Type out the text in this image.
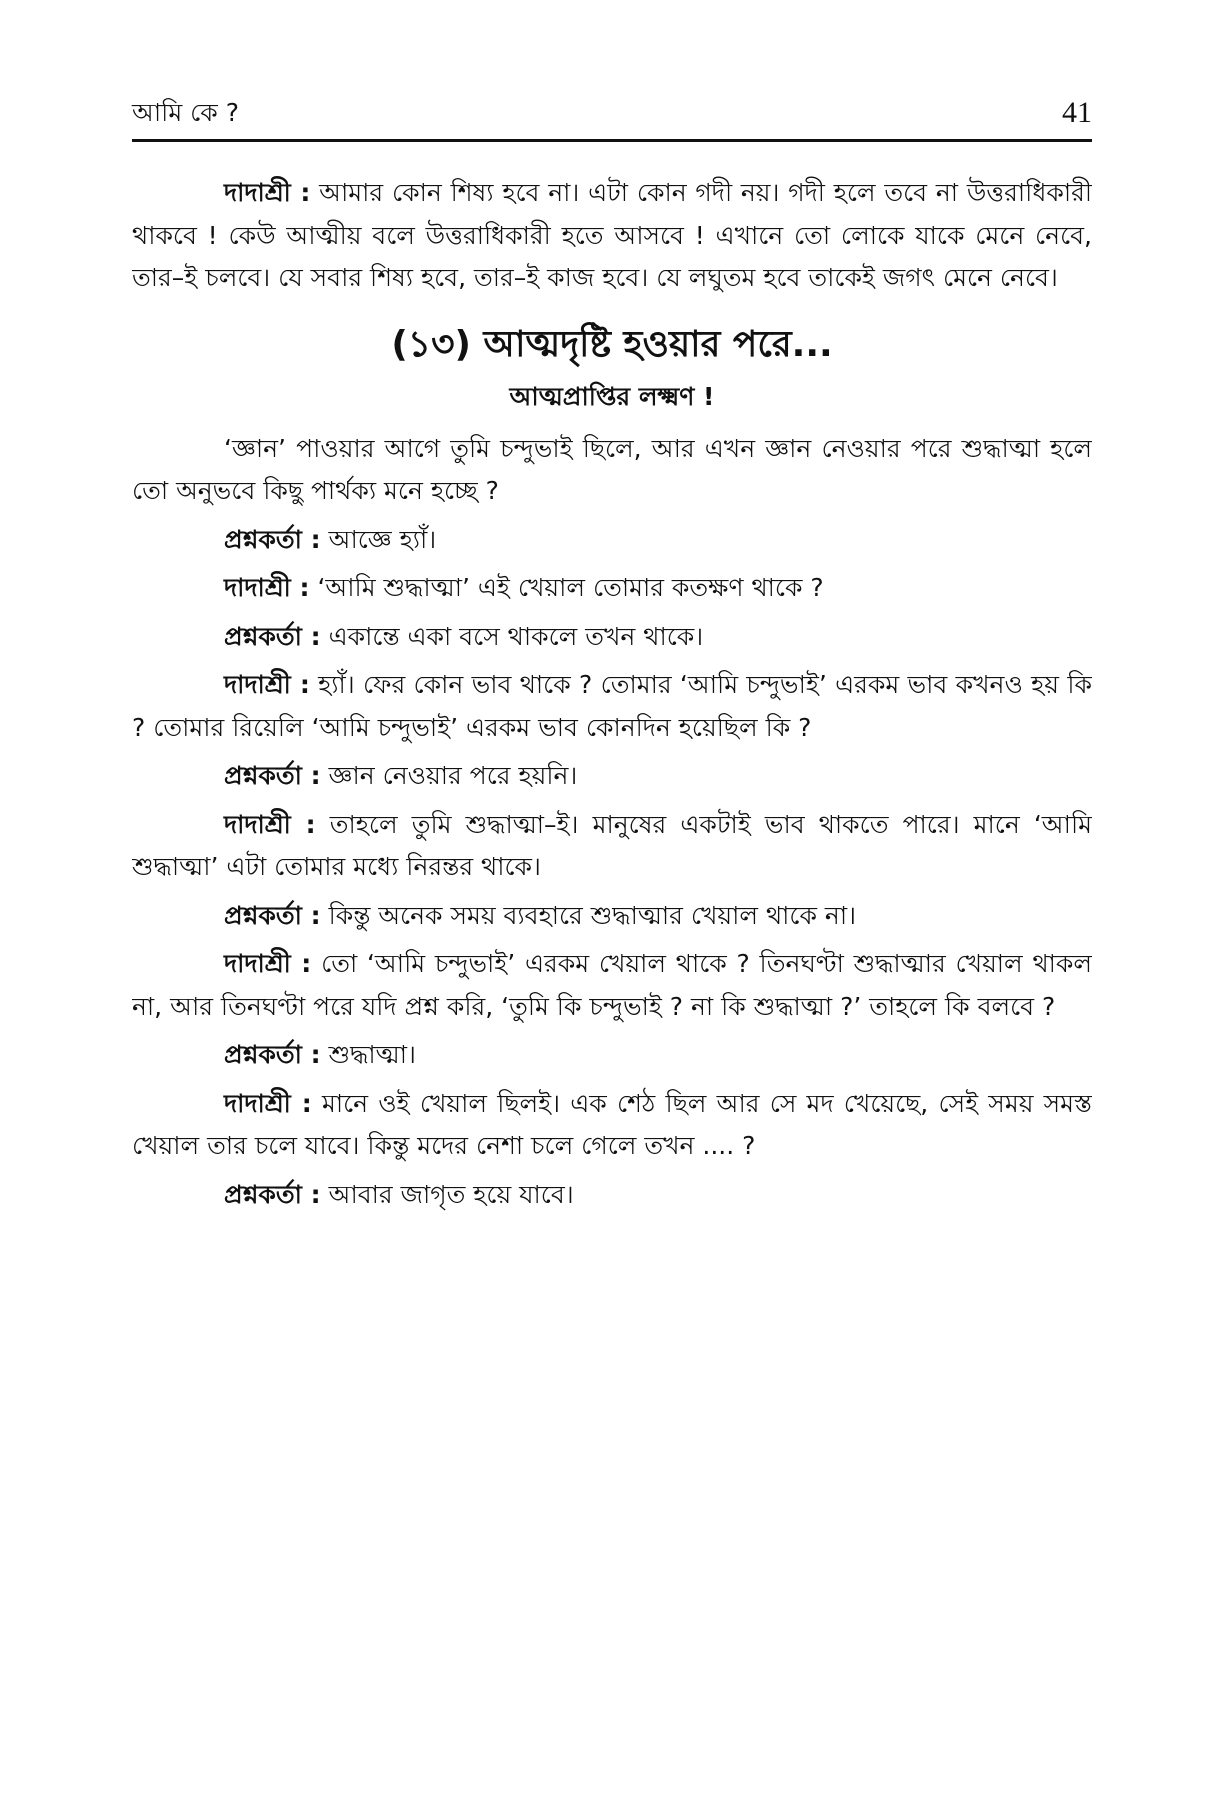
আমি কে ?	41

দাদাশ্রী : আমার কোন শিষ্য হবে না। এটা কোন গদী নয়। গদী হলে তবে না উত্তরাধিকারী থাকবে ! কেউ আত্মীয় বলে উত্তরাধিকারী হতে আসবে ! এখানে তো লোকে যাকে মেনে নেবে, তার–ই চলবে। যে সবার শিষ্য হবে, তার–ই কাজ হবে। যে লঘুতম হবে তাকেই জগৎ মেনে নেবে।

(১৩) আত্মদৃষ্টি হওয়ার পরে...
আত্মপ্রাপ্তির লক্ষ্মণ !

‘জ্ঞান’ পাওয়ার আগে তুমি চন্দুভাই ছিলে, আর এখন জ্ঞান নেওয়ার পরে শুদ্ধাত্মা হলে তো অনুভবে কিছু পার্থক্য মনে হচ্ছে ?

প্রশ্নকর্তা : আজ্ঞে হ্যাঁ।

দাদাশ্রী : ‘আমি শুদ্ধাত্মা’ এই খেয়াল তোমার কতক্ষণ থাকে ?

প্রশ্নকর্তা : একান্তে একা বসে থাকলে তখন থাকে।

দাদাশ্রী : হ্যাঁ। ফের কোন ভাব থাকে ? তোমার ‘আমি চন্দুভাই’ এরকম ভাব কখনও হয় কি ? তোমার রিয়েলি ‘আমি চন্দুভাই’ এরকম ভাব কোনদিন হয়েছিল কি ?

প্রশ্নকর্তা : জ্ঞান নেওয়ার পরে হয়নি।

দাদাশ্রী : তাহলে তুমি শুদ্ধাত্মা–ই। মানুষের একটাই ভাব থাকতে পারে। মানে ‘আমি শুদ্ধাত্মা’ এটা তোমার মধ্যে নিরন্তর থাকে।

প্রশ্নকর্তা : কিন্তু অনেক সময় ব্যবহারে শুদ্ধাত্মার খেয়াল থাকে না।

দাদাশ্রী : তো ‘আমি চন্দুভাই’ এরকম খেয়াল থাকে ? তিনঘণ্টা শুদ্ধাত্মার খেয়াল থাকল না, আর তিনঘণ্টা পরে যদি প্রশ্ন করি, ‘তুমি কি চন্দুভাই ? না কি শুদ্ধাত্মা ?’ তাহলে কি বলবে ?

প্রশ্নকর্তা : শুদ্ধাত্মা।

দাদাশ্রী : মানে ওই খেয়াল ছিলই। এক শেঠ ছিল আর সে মদ খেয়েছে, সেই সময় সমস্ত খেয়াল তার চলে যাবে। কিন্তু মদের নেশা চলে গেলে তখন .... ?

প্রশ্নকর্তা : আবার জাগৃত হয়ে যাবে।
